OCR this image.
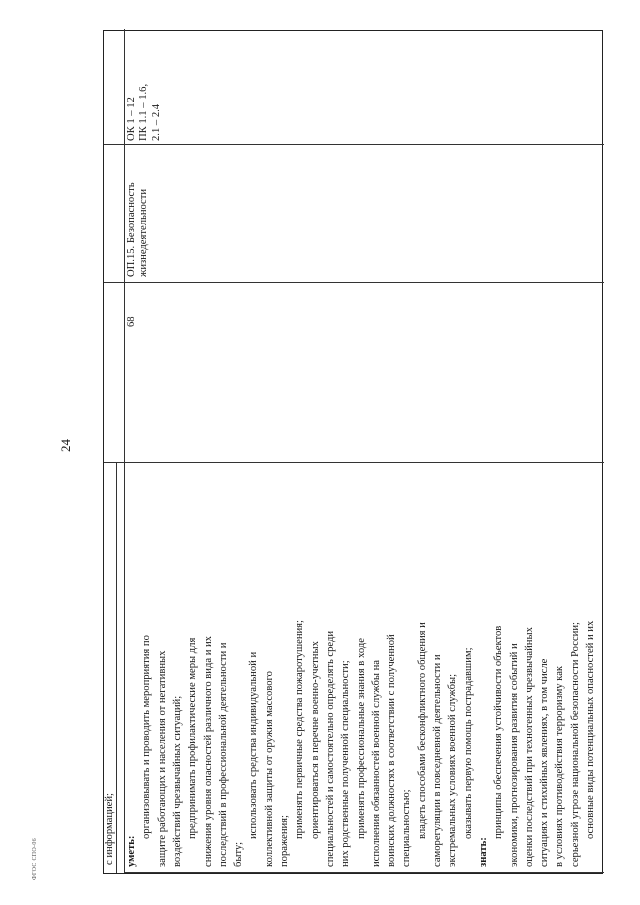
24
ФГОС СПО-06	с информацией; уметь:
организовывать и проводить мероприятия по защите работающих и населения от негативных воздействий чрезвычайных ситуаций; предпринимать профилактические меры для снижения уровня опасностей различного вида и их последствий в профессиональной деятельности и быту;
использовать средства индивидуальной и коллективной защиты от оружия массового поражения;
применять первичные средства пожаротушения; ориентироваться в перечне военно-учетных специальностей и самостоятельно определять среди них родственные полученной специальности; применять профессиональные знания в ходе исполнения обязанностей военной службы на воинских должностях в соответствии с полученной специальностью; владеть способами бесконфликтного общения и саморегуляции в повседневной деятельности и экстремальных условиях военной службы; оказывать первую помощь пострадавшим;
знать:
принципы обеспечения устойчивости объектов экономики, прогнозирования развития событий и оценки последствий при техногенных чрезвычайных ситуациях и стихийных явлениях, в том числе в условиях противодействия терроризму как серьезной угрозе национальной безопасности России; основные виды потенциальных опасностей и их
68
ОП.15. Безопасность жизнедеятельности
ОК 1 – 12 ПК 1.1 – 1.6, 2.1 – 2.4
